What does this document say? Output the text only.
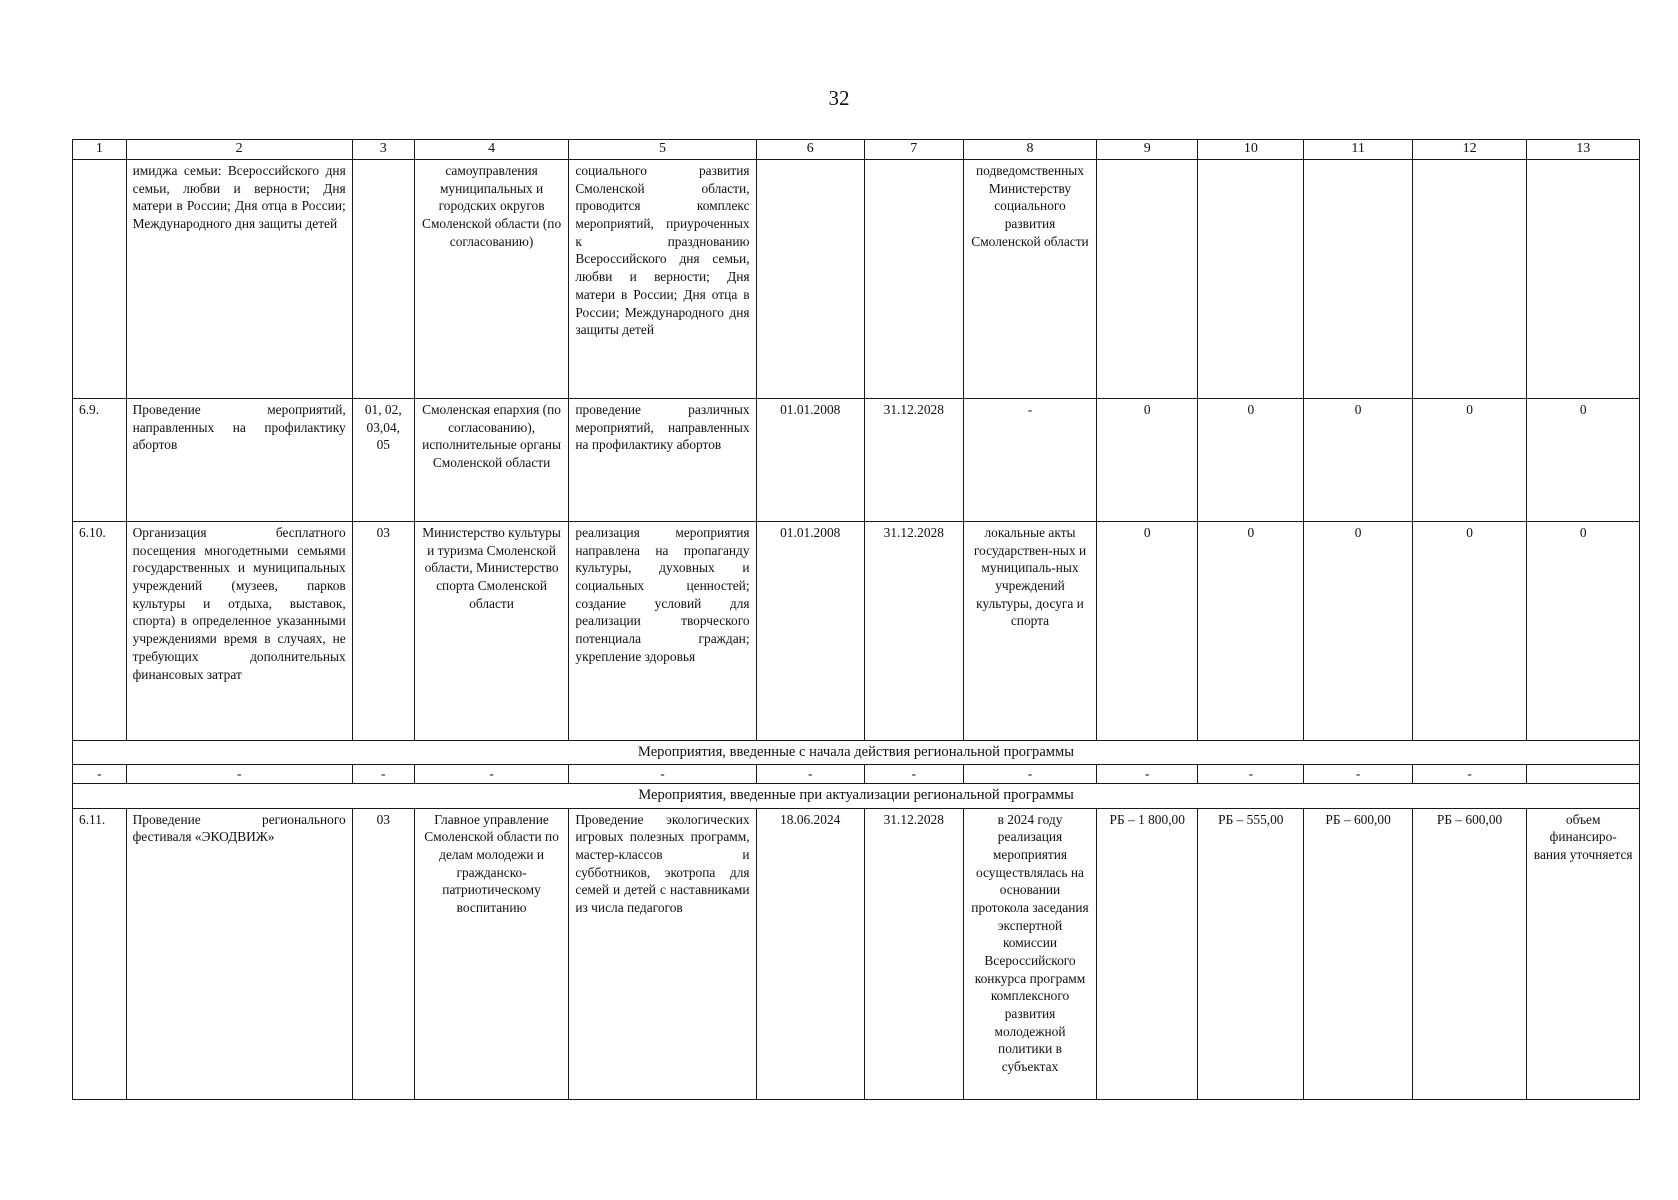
32
1	2	3	4	5	6	7	8	9	10	11	12	13
	имиджа семьи: Всероссийского дня семьи, любви и верности; Дня матери в России; Дня отца в России; Международного дня защиты детей		самоуправления муниципальных и городских округов Смоленской области (по согласованию)	социального развития Смоленской области, проводится комплекс мероприятий, приуроченных к празднованию Всероссийского дня семьи, любви и верности; Дня матери в России; Дня отца в России; Международного дня защиты детей			подведомственных Министерству социального развития Смоленской области					
6.9.	Проведение мероприятий, направленных на профилактику абортов	01, 02, 03,04, 05	Смоленская епархия (по согласованию), исполнительные органы Смоленской области	проведение различных мероприятий, направленных на профилактику абортов	01.01.2008	31.12.2028	-	0	0	0	0	0
6.10.	Организация бесплатного посещения многодетными семьями государственных и муниципальных учреждений (музеев, парков культуры и отдыха, выставок, спорта) в определенное указанными учреждениями время в случаях, не требующих дополнительных финансовых затрат	03	Министерство культуры и туризма Смоленской области, Министерство спорта Смоленской области	реализация мероприятия направлена на пропаганду культуры, духовных и социальных ценностей; создание условий для реализации творческого потенциала граждан; укрепление здоровья	01.01.2008	31.12.2028	локальные акты государствен-ных и муниципаль-ных учреждений культуры, досуга и спорта	0	0	0	0	0
Мероприятия, введенные с начала действия региональной программы												
-	-	-	-	-	-	-	-	-	-	-	-	
Мероприятия, введенные при актуализации региональной программы												
6.11.	Проведение регионального фестиваля «ЭКОДВИЖ»	03	Главное управление Смоленской области по делам молодежи и гражданско-патриотическому воспитанию	Проведение экологических игровых полезных программ, мастер-классов и субботников, экотропа для семей и детей с наставниками из числа педагогов	18.06.2024	31.12.2028	в 2024 году реализация мероприятия осуществлялась на основании протокола заседания экспертной комиссии Всероссийского конкурса программ комплексного развития молодежной политики в субъектах	РБ – 1 800,00	РБ – 555,00	РБ – 600,00	РБ – 600,00	объем финансиро-вания уточняется
